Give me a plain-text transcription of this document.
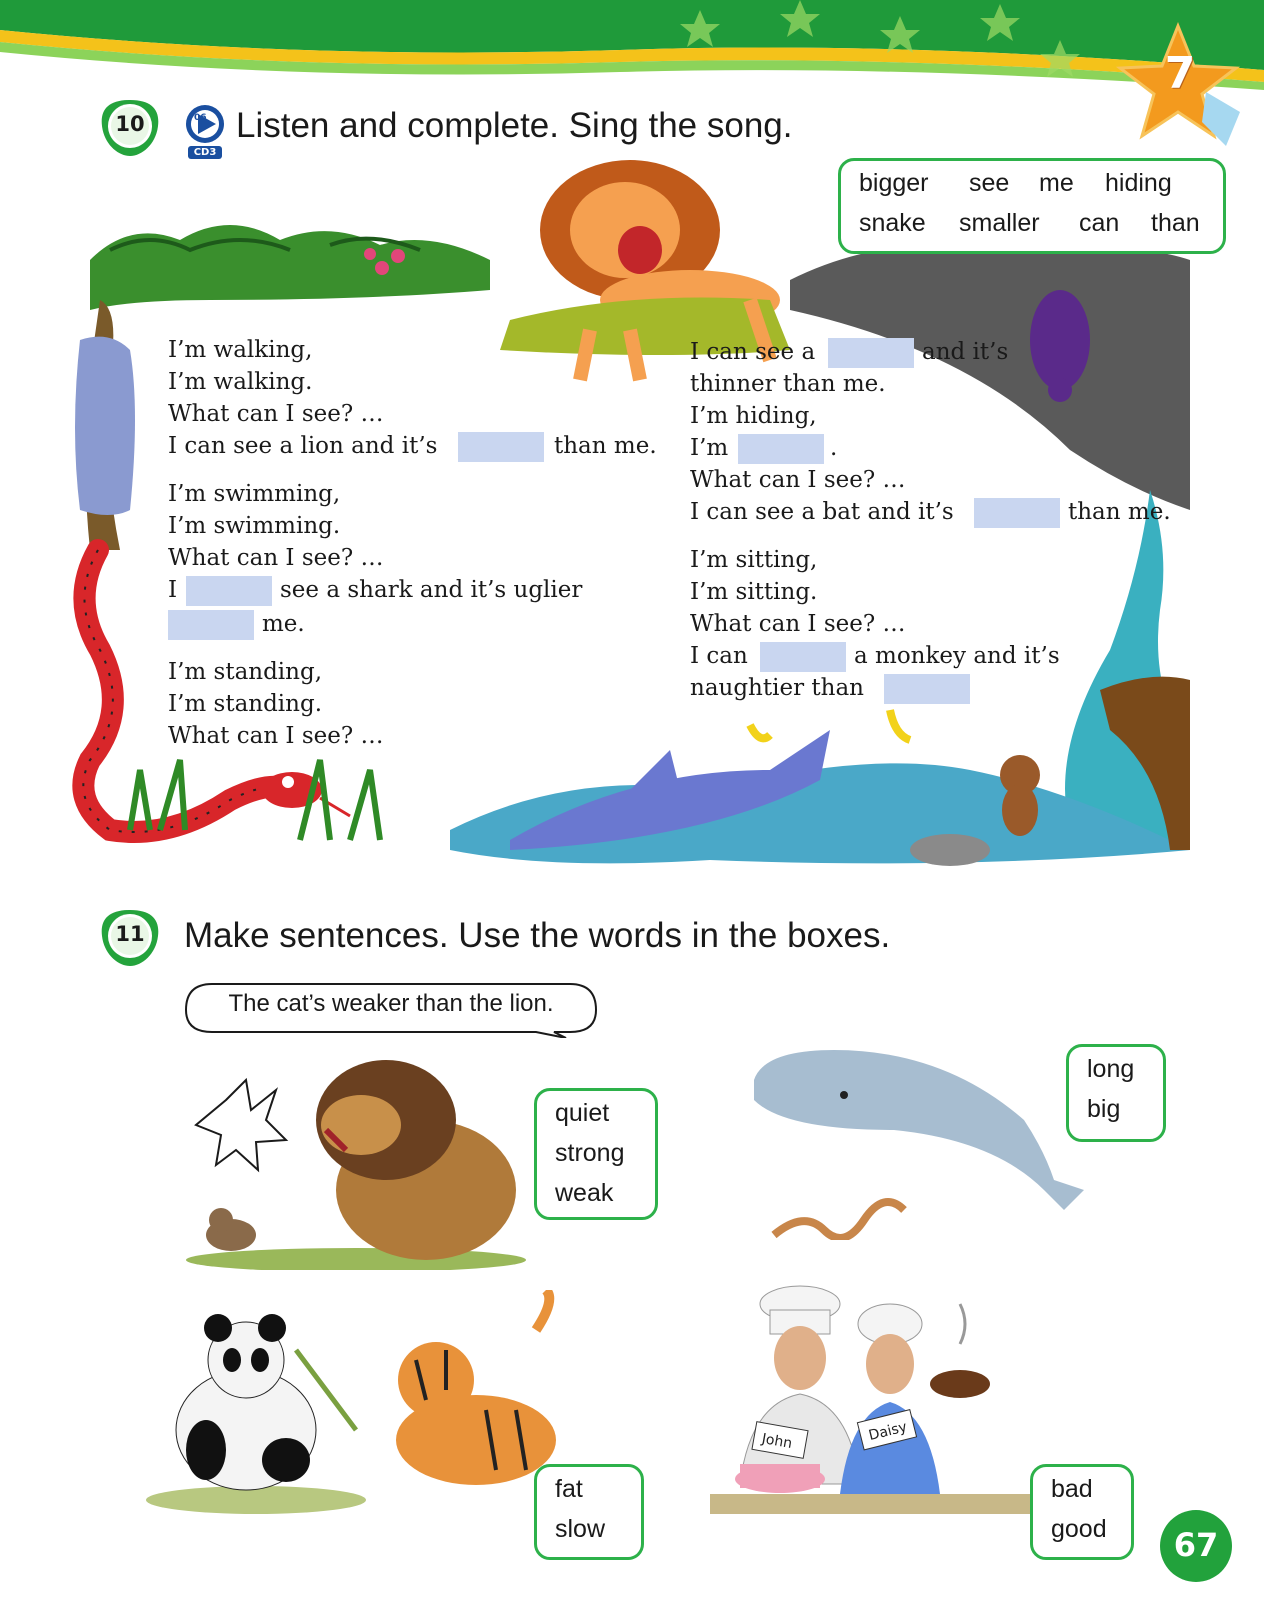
7
10	06
CD3
Listen and complete. Sing the song.
bigger see me hiding
snake smaller can than
I’m walking,
I’m walking.
What can I see? …
I can see a lion and it’s	than me.
I’m swimming,
I’m swimming.
What can I see? …
I	see a shark and it’s uglier
me.
I’m standing,
I’m standing.
What can I see? …
I can see a	and it’s
thinner than me.
I’m hiding,
I’m	.
What can I see? …
I can see a bat and it’s	than me.
I’m sitting,
I’m sitting.
What can I see? …
I can	a monkey and it’s
naughtier than
11	Make sentences. Use the words in the boxes.
The cat’s weaker than the lion.
quiet
strong
weak
long
big
fat
slow
John	Daisy
bad
good	67
